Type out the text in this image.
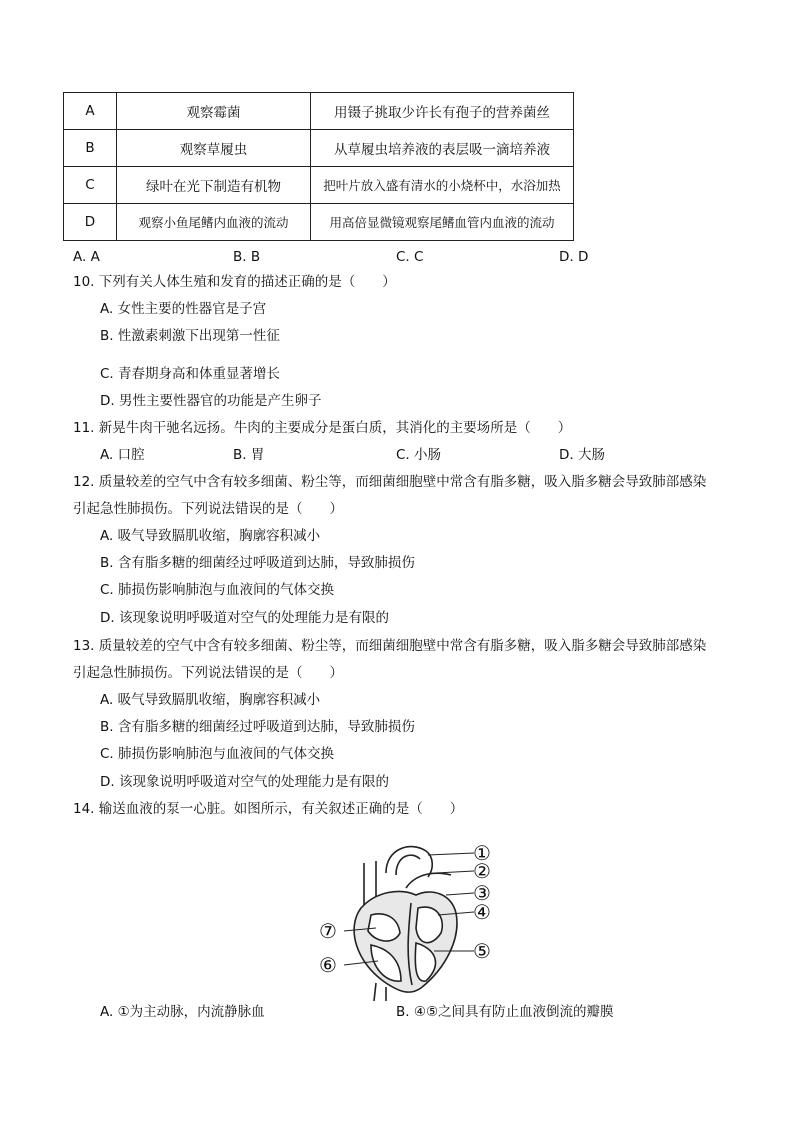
A	观察霉菌	用镊子挑取少许长有孢子的营养菌丝
B	观察草履虫	从草履虫培养液的表层吸一滴培养液
C	绿叶在光下制造有机物	把叶片放入盛有清水的小烧杯中，水浴加热
D	观察小鱼尾鳍内血液的流动	用高倍显微镜观察尾鳍血管内血液的流动
A. A	B. B	C. C	D. D
10. 下列有关人体生殖和发育的描述正确的是（　　）
A. 女性主要的性器官是子宫
B. 性激素刺激下出现第一性征
C. 青春期身高和体重显著增长
D. 男性主要性器官的功能是产生卵子
11. 新晃牛肉干驰名远扬。牛肉的主要成分是蛋白质，其消化的主要场所是（　　）
A. 口腔	B. 胃	C. 小肠	D. 大肠
12. 质量较差的空气中含有较多细菌、粉尘等，而细菌细胞壁中常含有脂多糖，吸入脂多糖会导致肺部感染
引起急性肺损伤。下列说法错误的是（　　）
A. 吸气导致膈肌收缩，胸廓容积减小
B. 含有脂多糖的细菌经过呼吸道到达肺，导致肺损伤
C. 肺损伤影响肺泡与血液间的气体交换
D. 该现象说明呼吸道对空气的处理能力是有限的
13. 质量较差的空气中含有较多细菌、粉尘等，而细菌细胞壁中常含有脂多糖，吸入脂多糖会导致肺部感染
引起急性肺损伤。下列说法错误的是（　　）
A. 吸气导致膈肌收缩，胸廓容积减小
B. 含有脂多糖的细菌经过呼吸道到达肺，导致肺损伤
C. 肺损伤影响肺泡与血液间的气体交换
D. 该现象说明呼吸道对空气的处理能力是有限的
14. 输送血液的泵一心脏。如图所示，有关叙述正确的是（　　）
①
②
③
④
⑤
⑥
⑦
A. ①为主动脉，内流静脉血	B. ④⑤之间具有防止血液倒流的瓣膜
